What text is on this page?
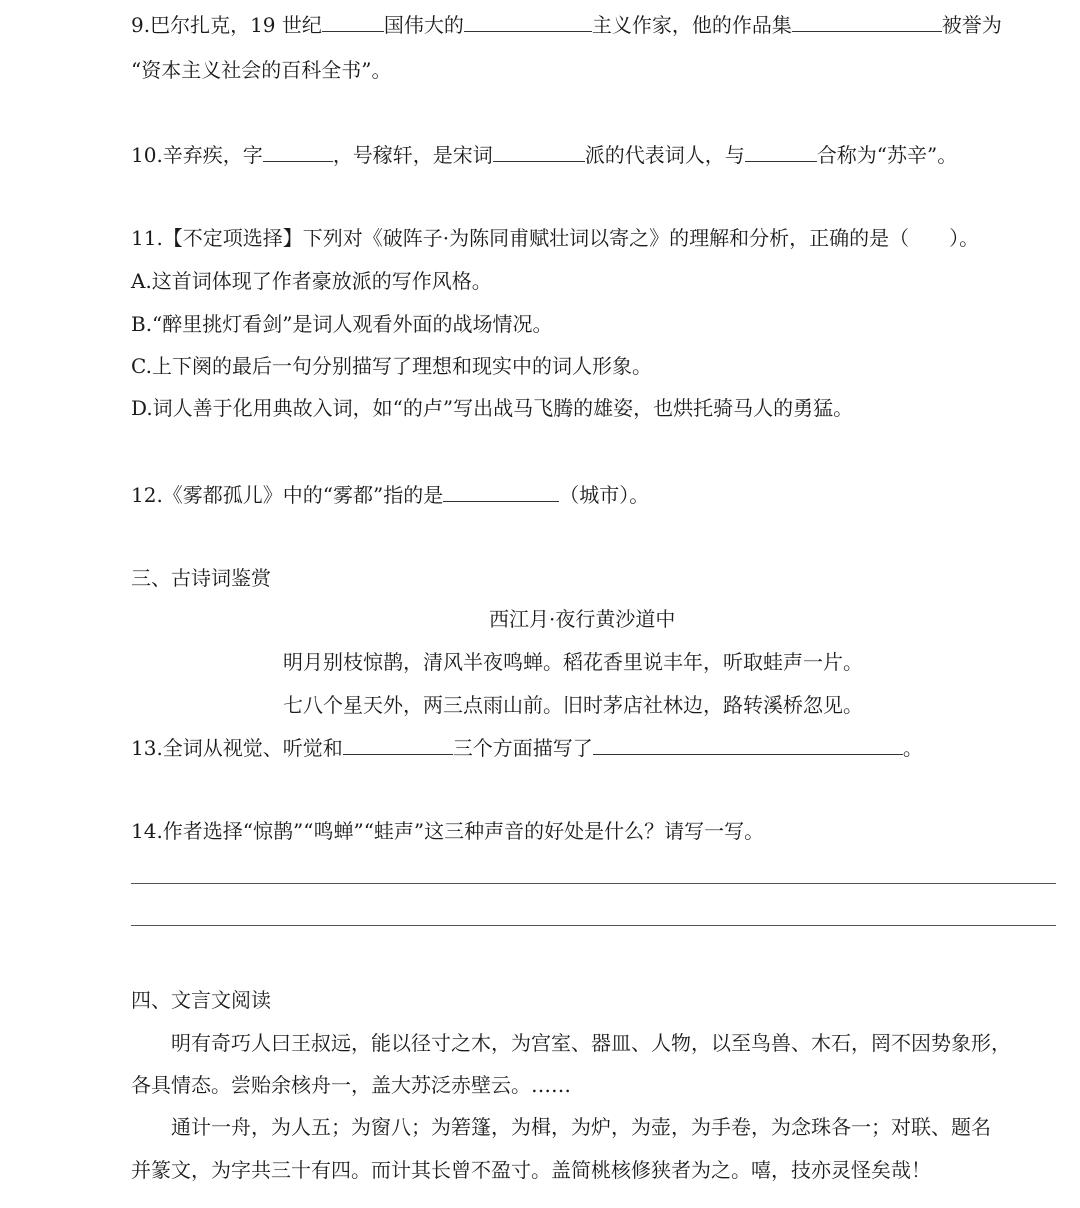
9.巴尔扎克，19 世纪	国伟大的	主义作家，他的作品集	被誉为
“资本主义社会的百科全书”。
10.辛弃疾，字	，号稼轩，是宋词	派的代表词人，与	合称为“苏辛”。
11.【不定项选择】下列对《破阵子·为陈同甫赋壮词以寄之》的理解和分析，正确的是（　　）。
A.这首词体现了作者豪放派的写作风格。
B.“醉里挑灯看剑”是词人观看外面的战场情况。
C.上下阕的最后一句分别描写了理想和现实中的词人形象。
D.词人善于化用典故入词，如“的卢”写出战马飞腾的雄姿，也烘托骑马人的勇猛。
12.《雾都孤儿》中的“雾都”指的是	（城市）。
三、古诗词鉴赏
西江月·夜行黄沙道中
明月别枝惊鹊，清风半夜鸣蝉。稻花香里说丰年，听取蛙声一片。
七八个星天外，两三点雨山前。旧时茅店社林边，路转溪桥忽见。
13.全词从视觉、听觉和	三个方面描写了	。
14.作者选择“惊鹊”“鸣蝉”“蛙声”这三种声音的好处是什么？请写一写。
四、文言文阅读
明有奇巧人曰王叔远，能以径寸之木，为宫室、器皿、人物，以至鸟兽、木石，罔不因势象形，
各具情态。尝贻余核舟一，盖大苏泛赤壁云。……
通计一舟，为人五；为窗八；为箬篷，为楫，为炉，为壶，为手卷，为念珠各一；对联、题名
并篆文，为字共三十有四。而计其长曾不盈寸。盖简桃核修狭者为之。嘻，技亦灵怪矣哉！
